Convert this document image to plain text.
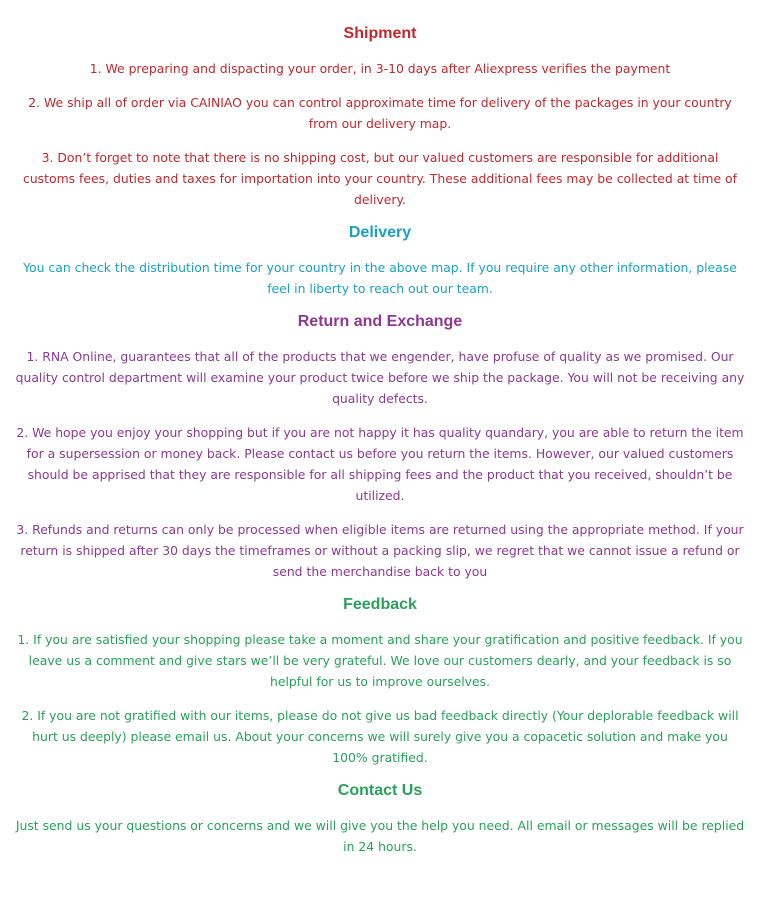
Shipment

1. We preparing and dispacting your order, in 3-10 days after Aliexpress verifies the payment

2. We ship all of order via CAINIAO you can control approximate time for delivery of the packages in your country from our delivery map.

3. Don’t forget to note that there is no shipping cost, but our valued customers are responsible for additional customs fees, duties and taxes for importation into your country. These additional fees may be collected at time of delivery.

Delivery

You can check the distribution time for your country in the above map. If you require any other information, please feel in liberty to reach out our team.

Return and Exchange

1. RNA Online, guarantees that all of the products that we engender, have profuse of quality as we promised. Our quality control department will examine your product twice before we ship the package. You will not be receiving any quality defects.

2. We hope you enjoy your shopping but if you are not happy it has quality quandary, you are able to return the item for a supersession or money back. Please contact us before you return the items. However, our valued customers should be apprised that they are responsible for all shipping fees and the product that you received, shouldn’t be utilized.

3. Refunds and returns can only be processed when eligible items are returned using the appropriate method. If your return is shipped after 30 days the timeframes or without a packing slip, we regret that we cannot issue a refund or send the merchandise back to you

Feedback

1. If you are satisfied your shopping please take a moment and share your gratification and positive feedback. If you leave us a comment and give stars we’ll be very grateful. We love our customers dearly, and your feedback is so helpful for us to improve ourselves.

2. If you are not gratified with our items, please do not give us bad feedback directly (Your deplorable feedback will hurt us deeply) please email us. About your concerns we will surely give you a copacetic solution and make you 100% gratified.

Contact Us

Just send us your questions or concerns and we will give you the help you need. All email or messages will be replied in 24 hours.
